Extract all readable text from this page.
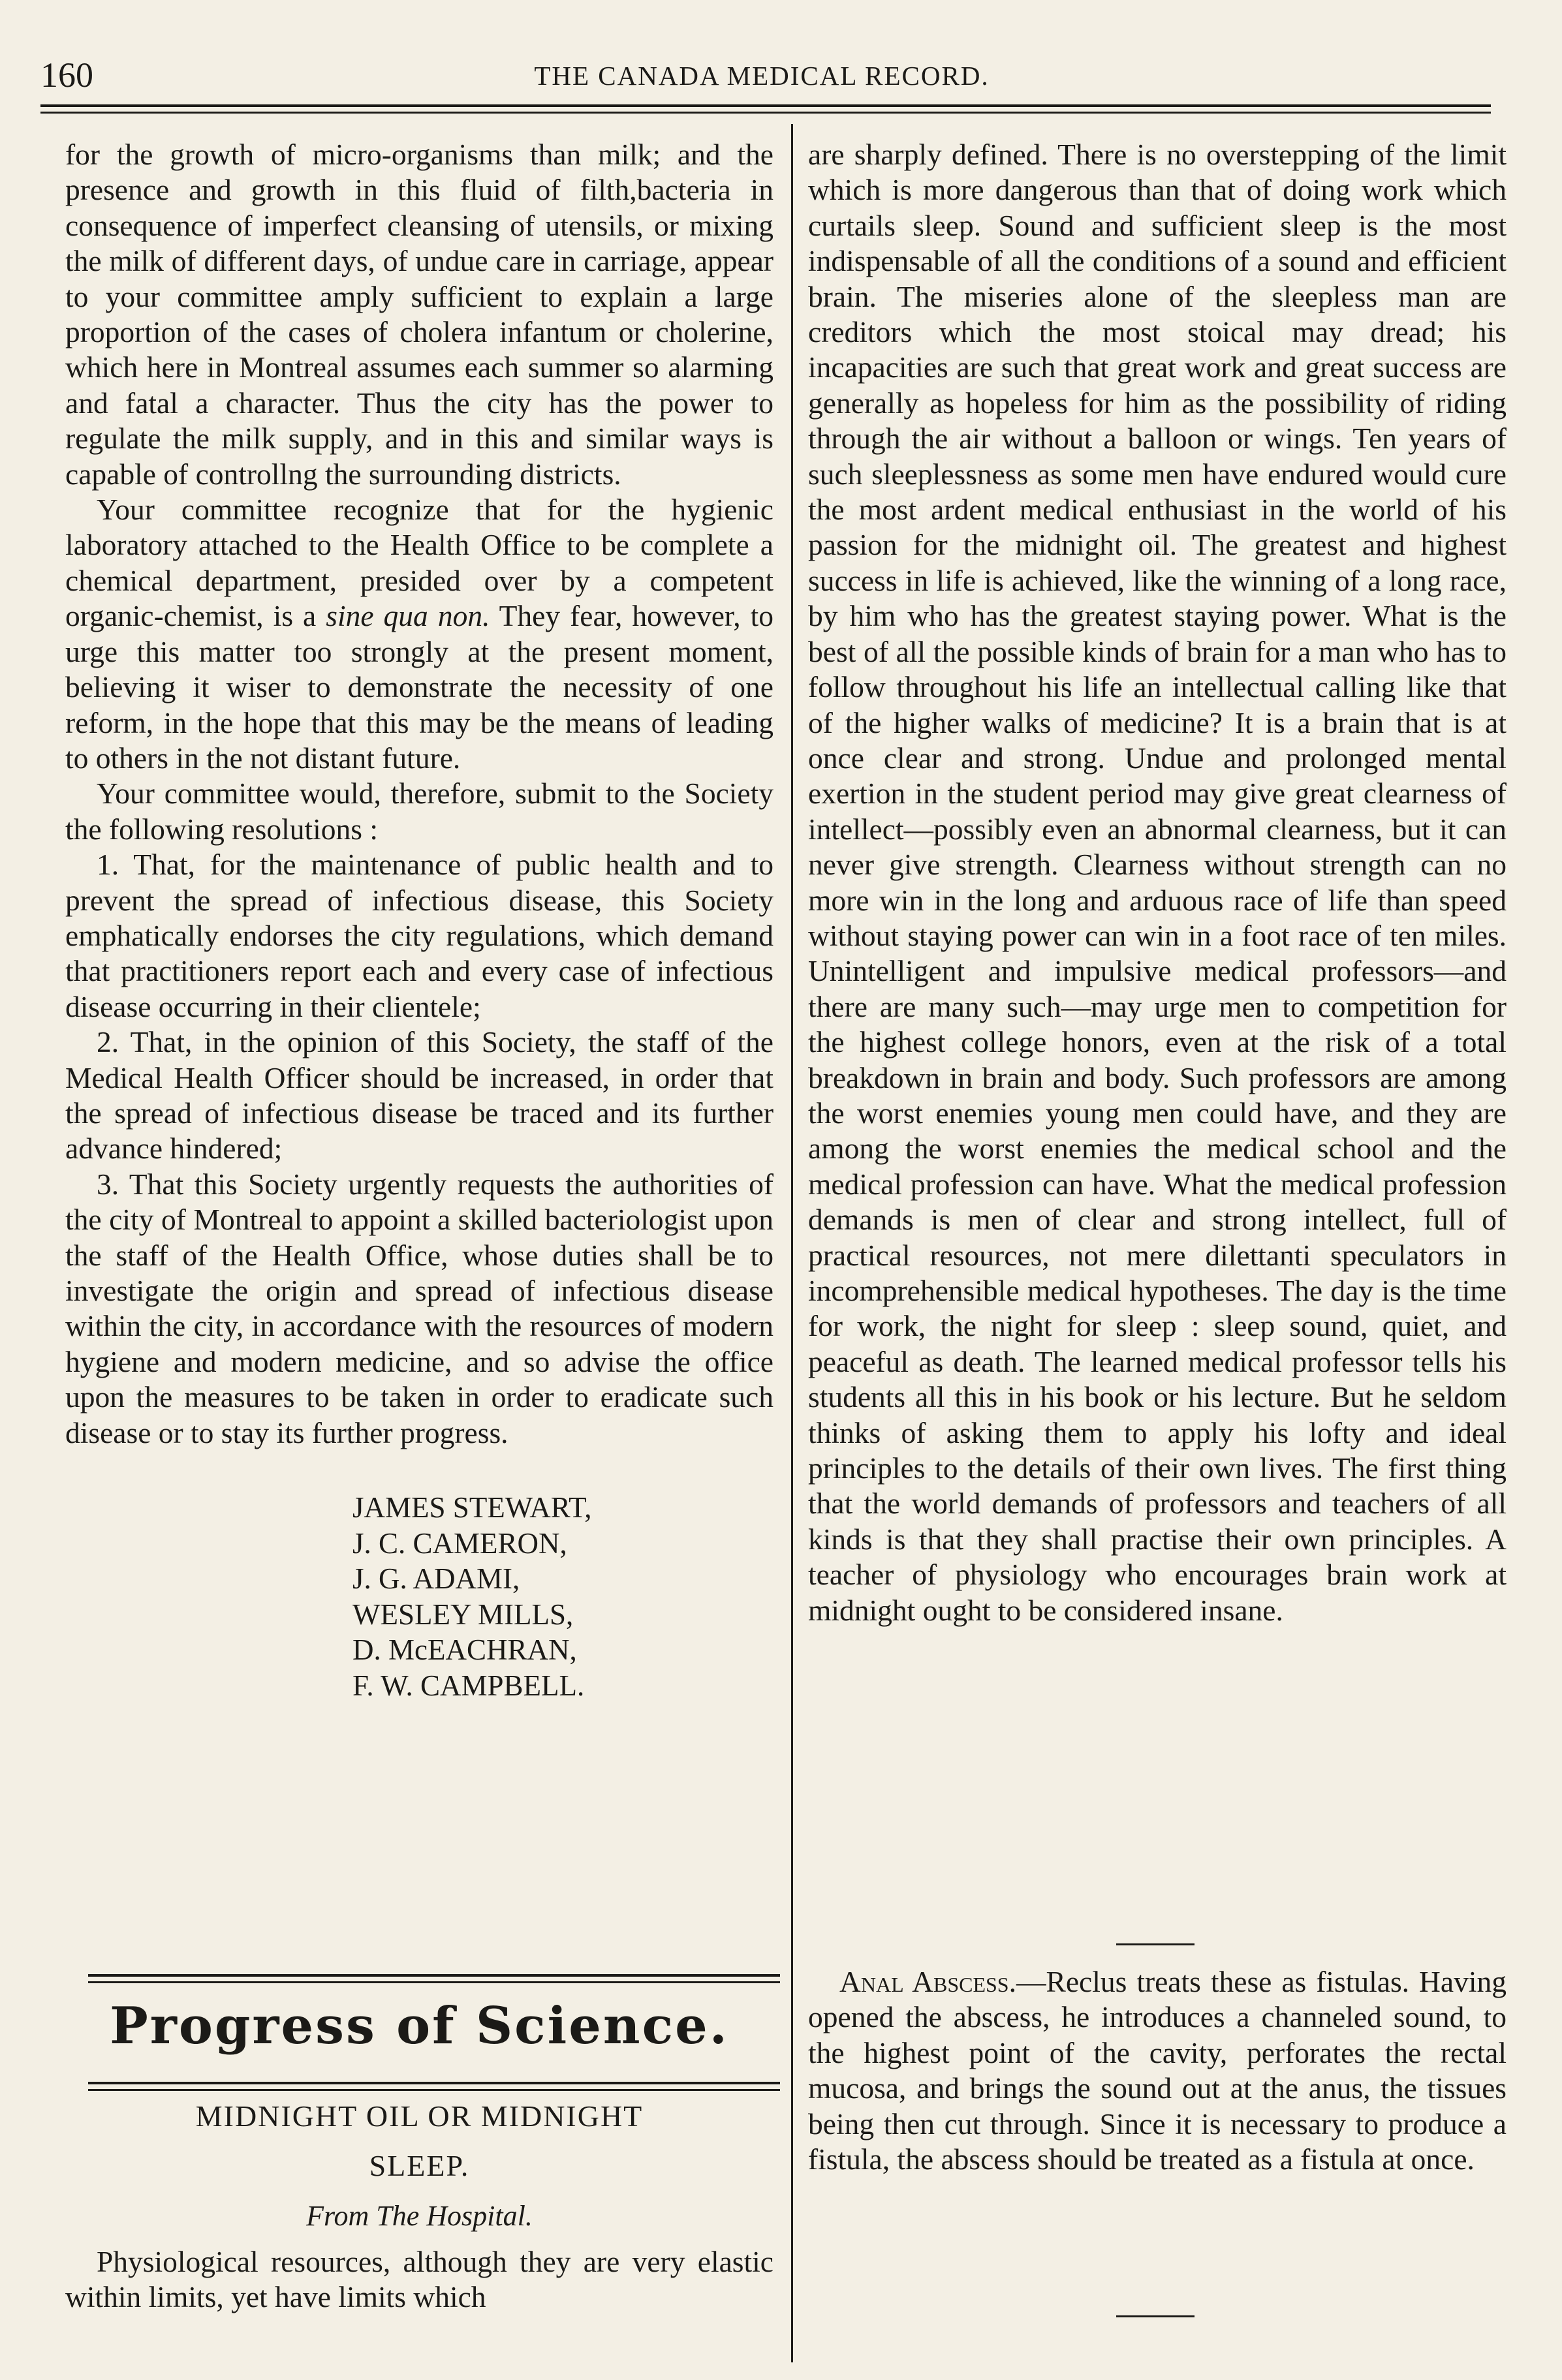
160	THE CANADA MEDICAL RECORD.

for the growth of micro-organisms than milk; and the presence and growth in this fluid of filth,bacteria in consequence of imperfect cleansing of utensils, or mixing the milk of different days, of undue care in carriage, appear to your committee amply sufficient to explain a large proportion of the cases of cholera infantum or cholerine, which here in Montreal assumes each summer so alarming and fatal a character. Thus the city has the power to regulate the milk supply, and in this and similar ways is capable of controllng the surrounding districts.

Your committee recognize that for the hygienic laboratory attached to the Health Office to be complete a chemical department, presided over by a competent organic-chemist, is a sine qua non. They fear, however, to urge this matter too strongly at the present moment, believing it wiser to demonstrate the necessity of one reform, in the hope that this may be the means of leading to others in the not distant future.

Your committee would, therefore, submit to the Society the following resolutions :

1. That, for the maintenance of public health and to prevent the spread of infectious disease, this Society emphatically endorses the city regulations, which demand that practitioners report each and every case of infectious disease occurring in their clientele;

2. That, in the opinion of this Society, the staff of the Medical Health Officer should be increased, in order that the spread of infectious disease be traced and its further advance hindered;

3. That this Society urgently requests the authorities of the city of Montreal to appoint a skilled bacteriologist upon the staff of the Health Office, whose duties shall be to investigate the origin and spread of infectious disease within the city, in accordance with the resources of modern hygiene and modern medicine, and so advise the office upon the measures to be taken in order to eradicate such disease or to stay its further progress.

JAMES STEWART,
J. C. CAMERON,
J. G. ADAMI,
WESLEY MILLS,
D. McEACHRAN,
F. W. CAMPBELL.
Progress of Science.
MIDNIGHT OIL OR MIDNIGHT
SLEEP.
From The Hospital.

Physiological resources, although they are very elastic within limits, yet have limits which

are sharply defined. There is no overstepping of the limit which is more dangerous than that of doing work which curtails sleep. Sound and sufficient sleep is the most indispensable of all the conditions of a sound and efficient brain. The miseries alone of the sleepless man are creditors which the most stoical may dread; his incapacities are such that great work and great success are generally as hopeless for him as the possibility of riding through the air without a balloon or wings. Ten years of such sleeplessness as some men have endured would cure the most ardent medical enthusiast in the world of his passion for the midnight oil. The greatest and highest success in life is achieved, like the winning of a long race, by him who has the greatest staying power. What is the best of all the possible kinds of brain for a man who has to follow throughout his life an intellectual calling like that of the higher walks of medicine? It is a brain that is at once clear and strong. Undue and prolonged mental exertion in the student period may give great clearness of intellect—possibly even an abnormal clearness, but it can never give strength. Clearness without strength can no more win in the long and arduous race of life than speed without staying power can win in a foot race of ten miles. Unintelligent and impulsive medical professors—and there are many such—may urge men to competition for the highest college honors, even at the risk of a total breakdown in brain and body. Such professors are among the worst enemies young men could have, and they are among the worst enemies the medical school and the medical profession can have. What the medical profession demands is men of clear and strong intellect, full of practical resources, not mere dilettanti speculators in incomprehensible medical hypotheses. The day is the time for work, the night for sleep : sleep sound, quiet, and peaceful as death. The learned medical professor tells his students all this in his book or his lecture. But he seldom thinks of asking them to apply his lofty and ideal principles to the details of their own lives. The first thing that the world demands of professors and teachers of all kinds is that they shall practise their own principles. A teacher of physiology who encourages brain work at midnight ought to be considered insane.

Anal Abscess.—Reclus treats these as fistulas. Having opened the abscess, he introduces a channeled sound, to the highest point of the cavity, perforates the rectal mucosa, and brings the sound out at the anus, the tissues being then cut through. Since it is necessary to produce a fistula, the abscess should be treated as a fistula at once.
